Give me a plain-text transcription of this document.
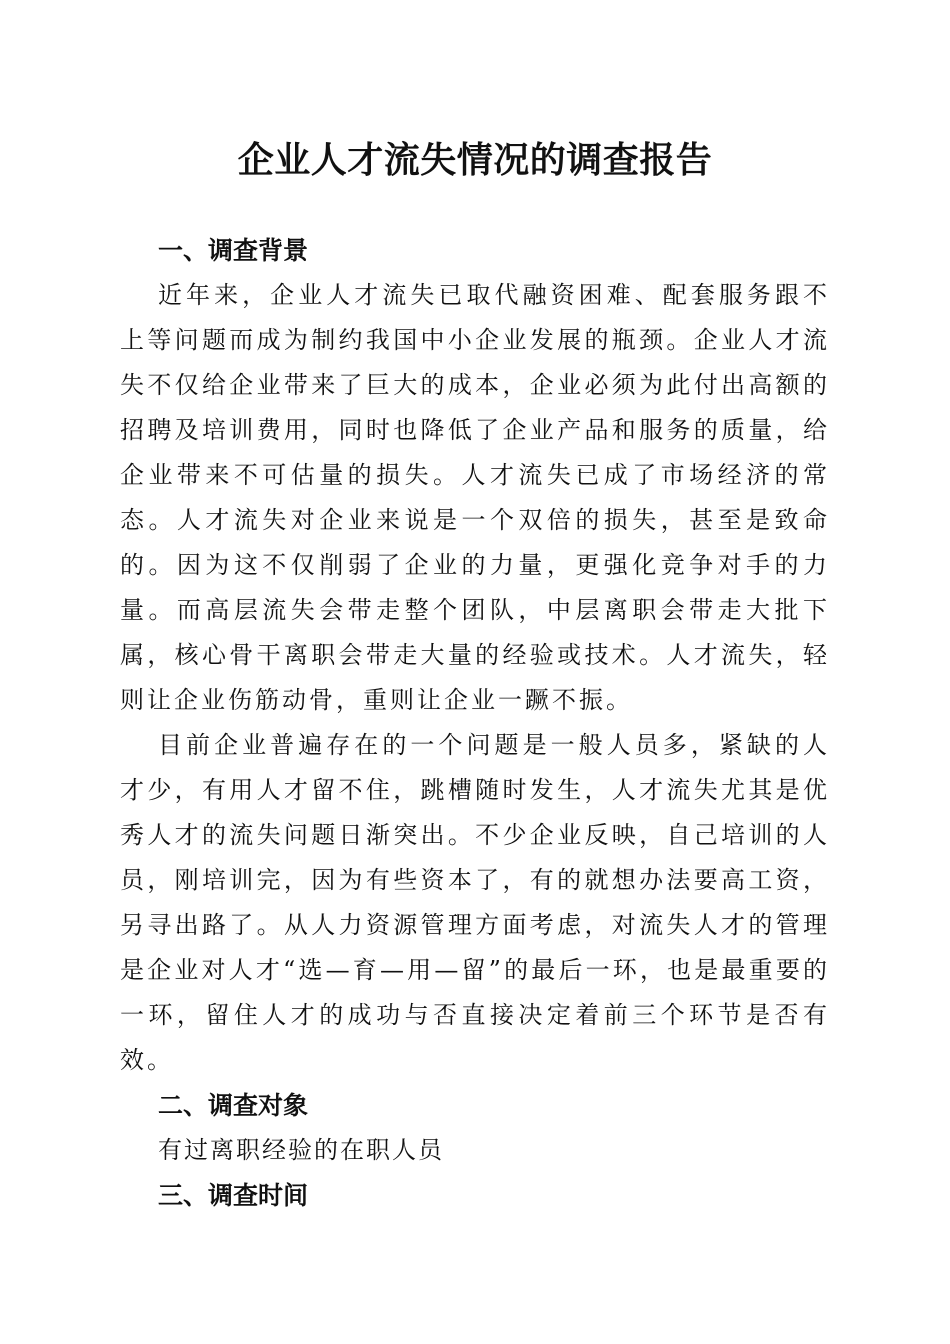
企业人才流失情况的调查报告
一、调查背景

近年来，企业人才流失已取代融资困难、配套服务跟不上等问题而成为制约我国中小企业发展的瓶颈。企业人才流失不仅给企业带来了巨大的成本，企业必须为此付出高额的招聘及培训费用，同时也降低了企业产品和服务的质量，给企业带来不可估量的损失。人才流失已成了市场经济的常态。人才流失对企业来说是一个双倍的损失，甚至是致命的。因为这不仅削弱了企业的力量，更强化竞争对手的力量。而高层流失会带走整个团队，中层离职会带走大批下属，核心骨干离职会带走大量的经验或技术。人才流失，轻则让企业伤筋动骨，重则让企业一蹶不振。

目前企业普遍存在的一个问题是一般人员多，紧缺的人才少，有用人才留不住，跳槽随时发生，人才流失尤其是优秀人才的流失问题日渐突出。不少企业反映，自己培训的人员，刚培训完，因为有些资本了，有的就想办法要高工资，另寻出路了。从人力资源管理方面考虑，对流失人才的管理是企业对人才“选—育—用—留”的最后一环，也是最重要的一环，留住人才的成功与否直接决定着前三个环节是否有效。

二、调查对象
有过离职经验的在职人员
三、调查时间
